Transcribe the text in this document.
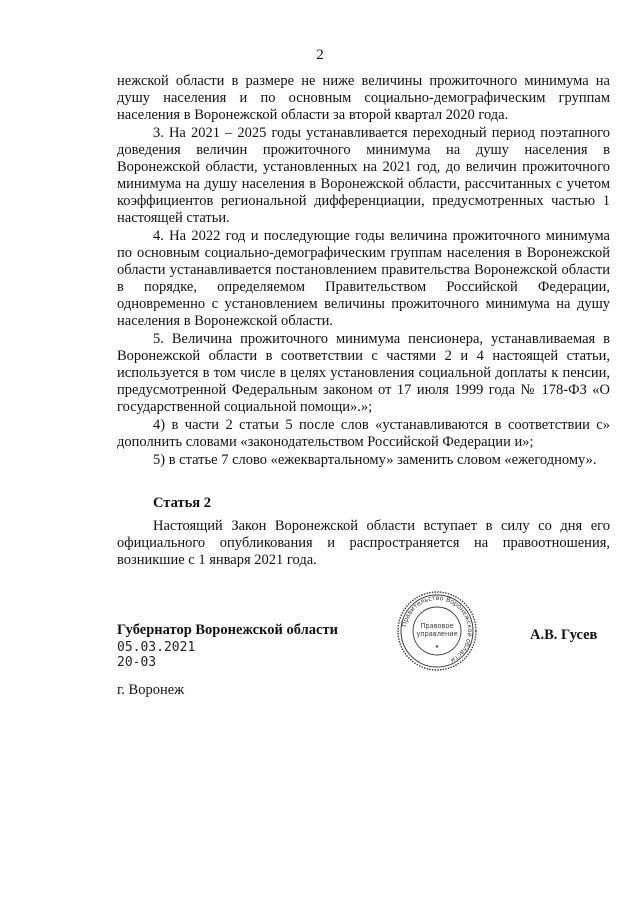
2

нежской области в размере не ниже величины прожиточного минимума на душу населения и по основным социально-демографическим группам населения в Воронежской области за второй квартал 2020 года.

3. На 2021 – 2025 годы устанавливается переходный период поэтапного доведения величин прожиточного минимума на душу населения в Воронежской области, установленных на 2021 год, до величин прожиточного минимума на душу населения в Воронежской области, рассчитанных с учетом коэффициентов региональной дифференциации, предусмотренных частью 1 настоящей статьи.

4. На 2022 год и последующие годы величина прожиточного минимума по основным социально-демографическим группам населения в Воронежской области устанавливается постановлением правительства Воронежской области в порядке, определяемом Правительством Российской Федерации, одновременно с установлением величины прожиточного минимума на душу населения в Воронежской области.

5. Величина прожиточного минимума пенсионера, устанавливаемая в Воронежской области в соответствии с частями 2 и 4 настоящей статьи, используется в том числе в целях установления социальной доплаты к пенсии, предусмотренной Федеральным законом от 17 июля 1999 года № 178-ФЗ «О государственной социальной помощи».»;

4) в части 2 статьи 5 после слов «устанавливаются в соответствии с» дополнить словами «законодательством Российской Федерации и»;

5) в статье 7 слово «ежеквартальному» заменить словом «ежегодному».

Статья 2

Настоящий Закон Воронежской области вступает в силу со дня его официального опубликования и распространяется на правоотношения, возникшие с 1 января 2021 года.

Губернатор Воронежской области
05.03.2021
20-03
г. Воронеж
А.В. Гусев
Правительство Воронежской области
Правовое
управление
★
